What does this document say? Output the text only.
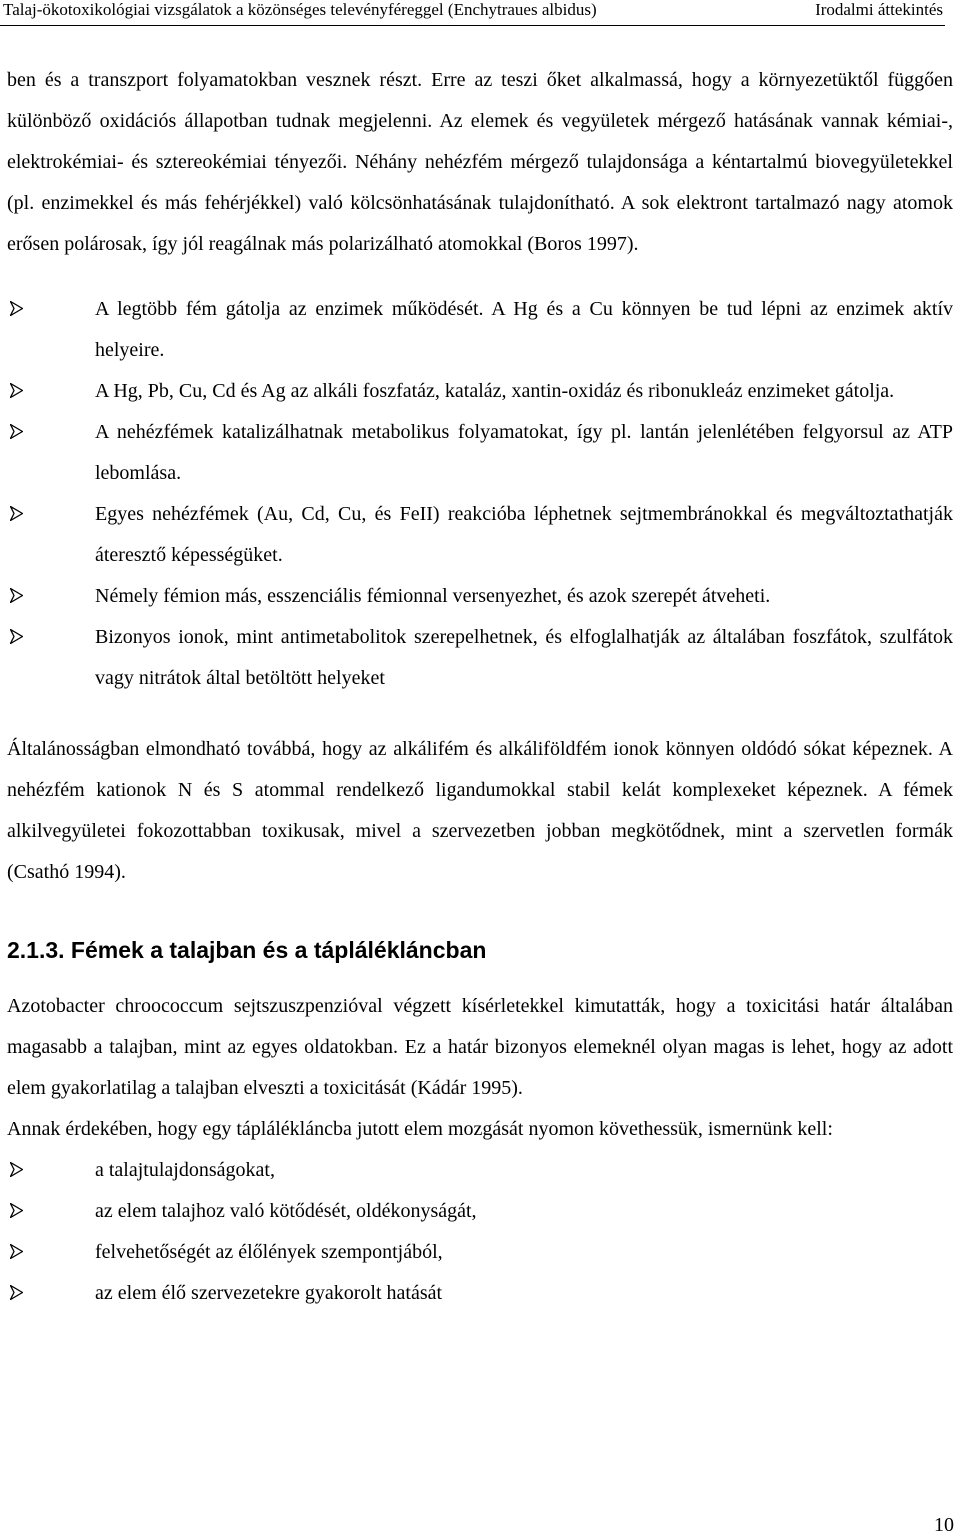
Talaj-ökotoxikológiai vizsgálatok a közönséges televényféreggel (Enchytraues albidus)	Irodalmi áttekintés

ben és a transzport folyamatokban vesznek részt. Erre az teszi őket alkalmassá, hogy a környezetüktől függően különböző oxidációs állapotban tudnak megjelenni. Az elemek és vegyületek mérgező hatásának vannak kémiai-, elektrokémiai- és sztereokémiai tényezői. Néhány nehézfém mérgező tulajdonsága a kéntartalmú biovegyületekkel (pl. enzimekkel és más fehérjékkel) való kölcsönhatásának tulajdonítható. A sok elektront tartalmazó nagy atomok erősen polárosak, így jól reagálnak más polarizálható atomokkal (Boros 1997).

A legtöbb fém gátolja az enzimek működését. A Hg és a Cu könnyen be tud lépni az enzimek aktív helyeire.
A Hg, Pb, Cu, Cd és Ag az alkáli foszfatáz, kataláz, xantin-oxidáz és ribonukleáz enzimeket gátolja.
A nehézfémek katalizálhatnak metabolikus folyamatokat, így pl. lantán jelenlétében felgyorsul az ATP lebomlása.
Egyes nehézfémek (Au, Cd, Cu, és FeII) reakcióba léphetnek sejtmembránokkal és megváltoztathatják áteresztő képességüket.
Némely fémion más, esszenciális fémionnal versenyezhet, és azok szerepét átveheti.
Bizonyos ionok, mint antimetabolitok szerepelhetnek, és elfoglalhatják az általában foszfátok, szulfátok vagy nitrátok által betöltött helyeket

Általánosságban elmondható továbbá, hogy az alkálifém és alkáliföldfém ionok könnyen oldódó sókat képeznek. A nehézfém kationok N és S atommal rendelkező ligandumokkal stabil kelát komplexeket képeznek. A fémek alkilvegyületei fokozottabban toxikusak, mivel a szervezetben jobban megkötődnek, mint a szervetlen formák (Csathó 1994).

2.1.3. Fémek a talajban és a táplálékláncban

Azotobacter chroococcum sejtszuszpenzióval végzett kísérletekkel kimutatták, hogy a toxicitási határ általában magasabb a talajban, mint az egyes oldatokban. Ez a határ bizonyos elemeknél olyan magas is lehet, hogy az adott elem gyakorlatilag a talajban elveszti a toxicitását (Kádár 1995).

Annak érdekében, hogy egy táplálékláncba jutott elem mozgását nyomon követhessük, ismernünk kell:

a talajtulajdonságokat,
az elem talajhoz való kötődését, oldékonyságát,
felvehetőségét az élőlények szempontjából,
az elem élő szervezetekre gyakorolt hatását
10
